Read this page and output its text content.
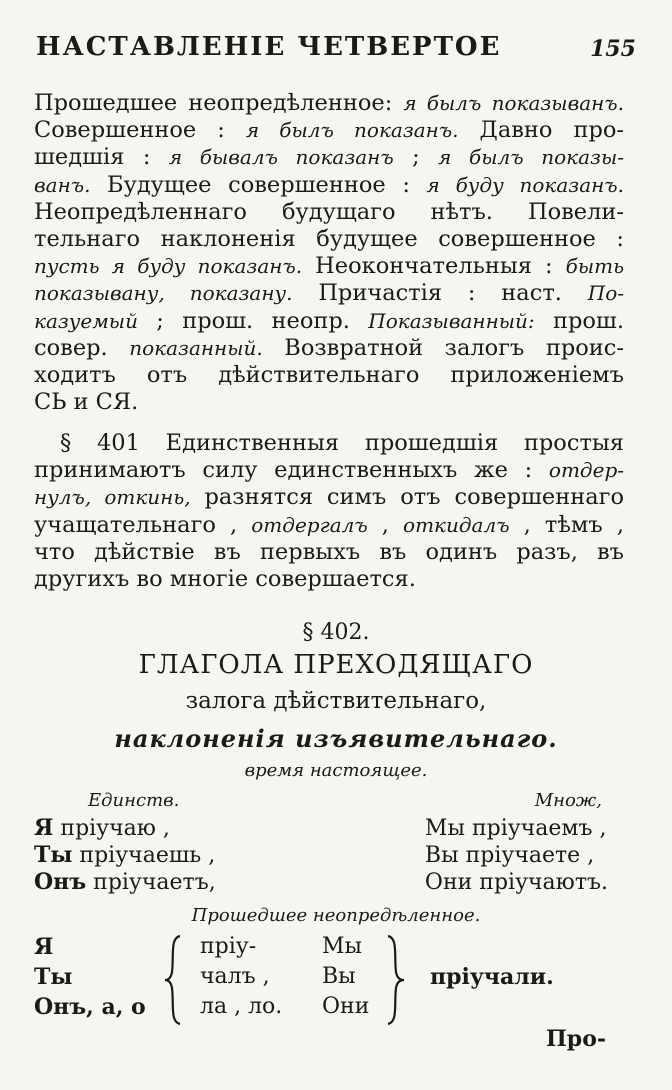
НАСТАВЛЕНIЕ ЧЕТВЕРТОЕ	155
Прошедшее неопредѣленное: я былъ показыванъ.
Совершенное : я былъ показанъ. Давно про-
шедшiя : я бывалъ показанъ ; я былъ показы-
ванъ. Будущее совершенное : я буду показанъ.
Неопредѣленнаго будущаго нѣтъ. Повели-
тельнаго наклоненiя будущее совершенное :
пусть я буду показанъ. Неокончательныя : быть
показывану, показану. Причастiя : наст. По-
казуемый ; прош. неопр. Показыванный: прош.
совер. показанный. Возвратной залогъ проис-
ходитъ отъ дѣйствительнаго приложенiемъ
СЬ и СЯ.
§ 401 Единственныя прошедшiя простыя
принимаютъ силу единственныхъ же : отдер-
нулъ, откинь, разнятся симъ отъ совершеннаго
учащательнаго , отдергалъ , откидалъ , тѣмъ ,
что дѣйствiе въ первыхъ въ одинъ разъ, въ
другихъ во многiе совершается.
§ 402.
ГЛАГОЛА ПРЕХОДЯЩАГО
залога дѣйствительнаго,
наклоненiя изъявительнаго.
время настоящее.
Единств.	Множ,
Я прiучаю ,
Ты прiучаешь ,
Онъ прiучаетъ,
Мы прiучаемъ ,
Вы прiучаете ,
Они прiучаютъ.
Прошедшее неопредѣленное.
Я
Ты
Онъ, а, о
прiу-
чалъ ,
ла , ло.
Мы
Вы
Они
прiучали.
Про-
